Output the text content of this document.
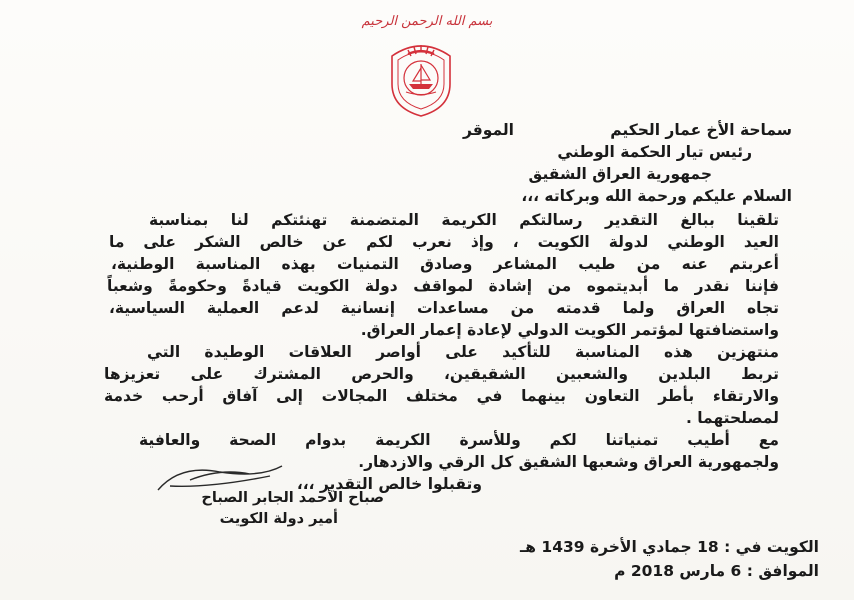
بسم الله الرحمن الرحيم
سماحة الأخ عمار الحكيم
الموقر
رئيس تيار الحكمة الوطني
جمهورية العراق الشقيق
السلام عليكم ورحمة الله وبركاته ،،،
تلقينا ببالغ التقدير رسالتكم الكريمة المتضمنة تهنئتكم لنا بمناسبة
العيد الوطني لدولة الكويت ، وإذ نعرب لكم عن خالص الشكر على ما
أعربتم عنه من طيب المشاعر وصادق التمنيات بهذه المناسبة الوطنية،
فإننا نقدر ما أبديتموه من إشادة لمواقف دولة الكويت قيادةً وحكومةً وشعباً
تجاه العراق ولما قدمته من مساعدات إنسانية لدعم العملية السياسية،
واستضافتها لمؤتمر الكويت الدولي لإعادة إعمار العراق.
منتهزين هذه المناسبة للتأكيد على أواصر العلاقات الوطيدة التي
تربط البلدين والشعبين الشقيقين، والحرص المشترك على تعزيزها
والارتقاء بأطر التعاون بينهما في مختلف المجالات إلى آفاق أرحب خدمة
لمصلحتهما .
مع أطيب تمنياتنا لكم وللأسرة الكريمة بدوام الصحة والعافية
ولجمهورية العراق وشعبها الشقيق كل الرقي والازدهار.
وتقبلوا خالص التقدير ،،،
صباح الأحمد الجابر الصباح
أمير دولة الكويت
الكويت في : 18 جمادي الأخرة 1439 هـ
الموافق : 6 مارس 2018 م
